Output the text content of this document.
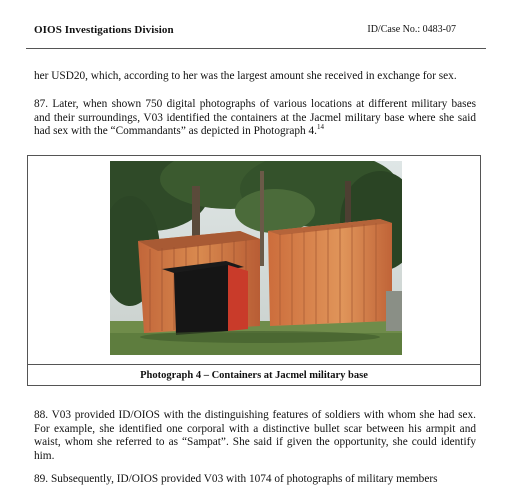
OIOS Investigations Division	ID/Case No.: 0483-07

her USD20, which, according to her was the largest amount she received in exchange for sex.

87. Later, when shown 750 digital photographs of various locations at different military bases and their surroundings, V03 identified the containers at the Jacmel military base where she said had sex with the “Commandants” as depicted in Photograph 4.14

Photograph 4 – Containers at Jacmel military base

88. V03 provided ID/OIOS with the distinguishing features of soldiers with whom she had sex. For example, she identified one corporal with a distinctive bullet scar between his armpit and waist, whom she referred to as “Sampat”. She said if given the opportunity, she could identify him.

89. Subsequently, ID/OIOS provided V03 with 1074 of photographs of military members
